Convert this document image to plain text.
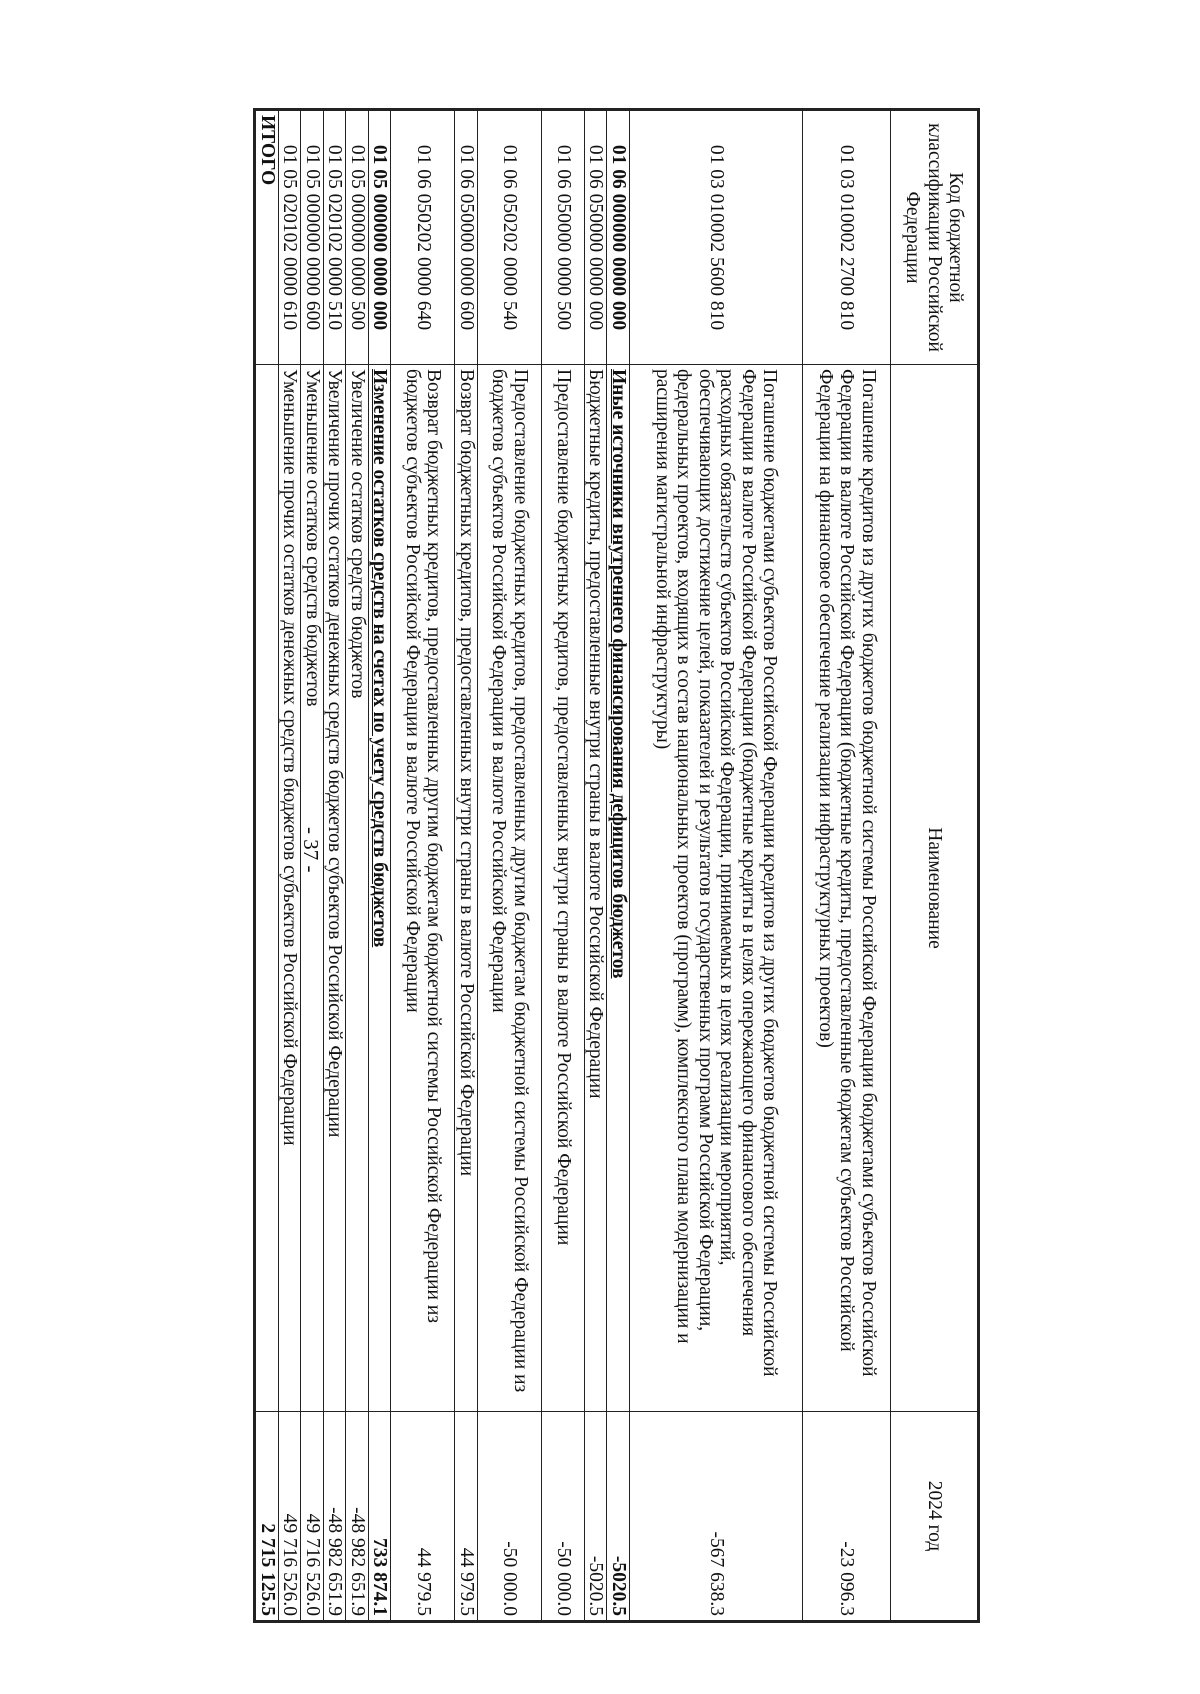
- 37 -
Код бюджетной классификации Российской Федерации	Наименование	2024 год
01 03 010002 2700 810	Погашение кредитов из других бюджетов бюджетной системы Российской Федерации бюджетами субъектов Российской Федерации в валюте Российской Федерации (бюджетные кредиты, предоставленные бюджетам субъектов Российской Федерации на финансовое обеспечение реализации инфраструктурных проектов)	-23 096.3
01 03 010002 5600 810	Погашение бюджетами субъектов Российской Федерации кредитов из других бюджетов бюджетной системы Российской Федерации в валюте Российской Федерации (бюджетные кредиты в целях опережающего финансового обеспечения расходных обязательств субъектов Российской Федерации, принимаемых в целях реализации мероприятий, обеспечивающих достижение целей, показателей и результатов государственных программ Российской Федерации, федеральных проектов, входящих в состав национальных проектов (программ), комплексного плана модернизации и расширения магистральной инфраструктуры)	-567 638.3
01 06 000000 0000 000	Иные источники внутреннего финансирования дефицитов бюджетов	-5020.5
01 06 050000 0000 000	Бюджетные кредиты, предоставленные внутри страны в валюте Российской Федерации	-5020.5
01 06 050000 0000 500	Предоставление бюджетных кредитов, предоставленных внутри страны в валюте Российской Федерации	-50 000.0
01 06 050202 0000 540	Предоставление бюджетных кредитов, предоставленных другим бюджетам бюджетной системы Российской Федерации из бюджетов субъектов Российской Федерации в валюте Российской Федерации	-50 000.0
01 06 050000 0000 600	Возврат бюджетных кредитов, предоставленных внутри страны в валюте Российской Федерации	44 979.5
01 06 050202 0000 640	Возврат бюджетных кредитов, предоставленных другим бюджетам бюджетной системы Российской Федерации из бюджетов субъектов Российской Федерации в валюте Российской Федерации	44 979.5
01 05 000000 0000 000	Изменение остатков средств на счетах по учету средств бюджетов	733 874.1
01 05 000000 0000 500	Увеличение остатков средств бюджетов	-48 982 651.9
01 05 020102 0000 510	Увеличение прочих остатков денежных средств бюджетов субъектов Российской Федерации	-48 982 651.9
01 05 000000 0000 600	Уменьшение остатков средств бюджетов	49 716 526.0
01 05 020102 0000 610	Уменьшение прочих остатков денежных средств бюджетов субъектов Российской Федерации	49 716 526.0
ИТОГО		2 715 125.5
